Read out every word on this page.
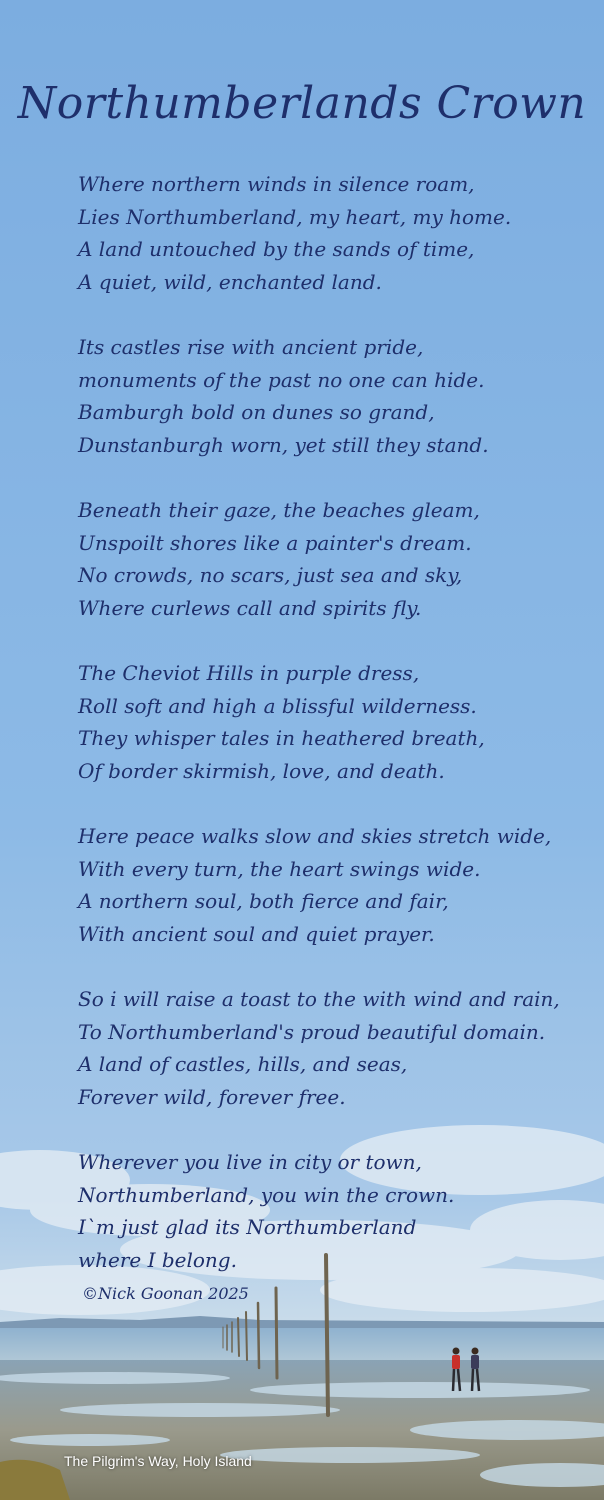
Northumberlands Crown
Where northern winds in silence roam,
Lies Northumberland, my heart, my home.
A land untouched by the sands of time,
A quiet, wild, enchanted land.
Its castles rise with ancient pride,
monuments of the past no one can hide.
Bamburgh bold on dunes so grand,
Dunstanburgh worn, yet still they stand.
Beneath their gaze, the beaches gleam,
Unspoilt shores like a painter's dream.
No crowds, no scars, just sea and sky,
Where curlews call and spirits fly.
The Cheviot Hills in purple dress,
Roll soft and high a blissful wilderness.
They whisper tales in heathered breath,
Of border skirmish, love, and death.
Here peace walks slow and skies stretch wide,
With every turn, the heart swings wide.
A northern soul, both fierce and fair,
With ancient soul and quiet prayer.
So i will raise a toast to the with wind and rain,
To Northumberland's proud beautiful domain.
A land of castles, hills, and seas,
Forever wild, forever free.
Wherever you live in city or town,
Northumberland, you win the crown.
I`m just glad its Northumberland
where I belong.
©Nick Goonan 2025
The Pilgrim's Way, Holy Island
